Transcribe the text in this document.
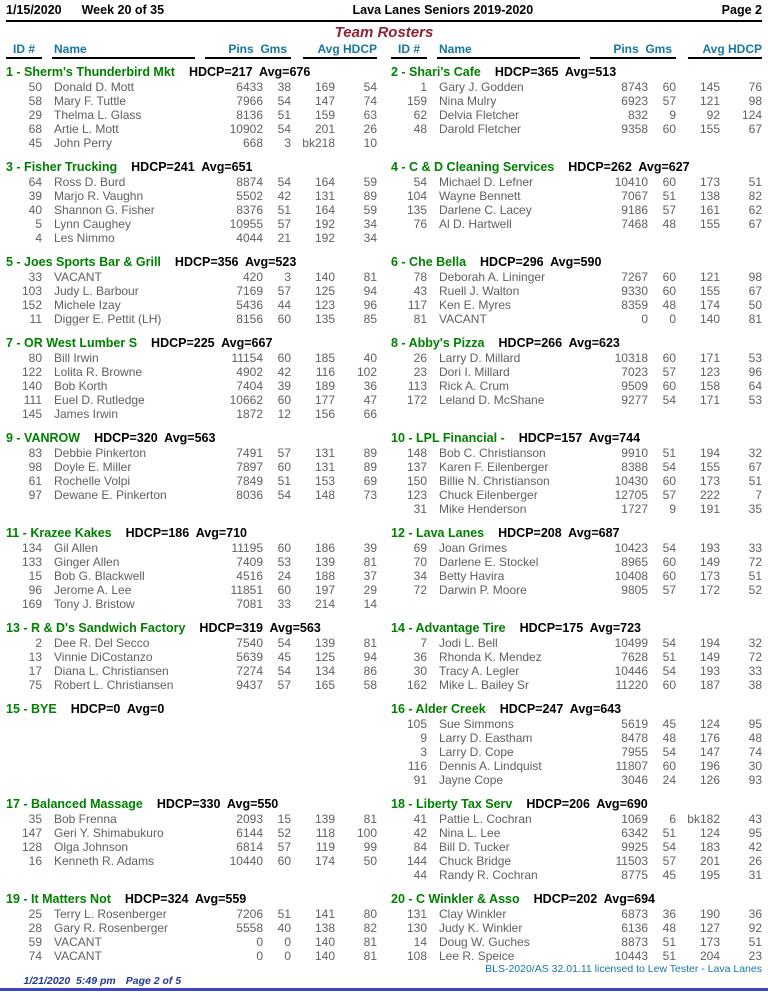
1/15/2020 Week 20 of 35	Lava Lanes Seniors 2019-2020	Page 2
Team Rosters
ID #	Name	Pins  Gms	Avg HDCP	ID #	Name	Pins  Gms	Avg HDCP
1 - Sherm's Thunderbird Mkt HDCP=217  Avg=676
50 Donald D. Mott	6433	38	169	54
58 Mary F. Tuttle	7966	54	147	74
29 Thelma L. Glass	8136	51	159	63
68 Artie L. Mott	10902	54	201	26
45 John Perry	668	3 bk218	10
2 - Shari's Cafe HDCP=365  Avg=513
1 Gary J. Godden	8743	60	145	76
159 Nina Mulry	6923	57	121	98
62 Delvia Fletcher	832	9	92	124
48 Darold Fletcher	9358	60	155	67
3 - Fisher Trucking HDCP=241  Avg=651
64 Ross D. Burd	8874	54	164	59
39 Marjo R. Vaughn	5502	42	131	89
40 Shannon G. Fisher	8376	51	164	59
5 Lynn Caughey	10955	57	192	34
4 Les Nimmo	4044	21	192	34
4 - C & D Cleaning Services HDCP=262  Avg=627
54 Michael D. Lefner	10410	60	173	51
104 Wayne Bennett	7067	51	138	82
135 Darlene C. Lacey	9186	57	161	62
76 Al D. Hartwell	7468	48	155	67
5 - Joes Sports Bar & Grill HDCP=356  Avg=523
33 VACANT	420	3	140	81
103 Judy L. Barbour	7169	57	125	94
152 Michele Izay	5436	44	123	96
11 Digger E. Pettit (LH)	8156	60	135	85
6 - Che Bella HDCP=296  Avg=590
78 Deborah A. Lininger	7267	60	121	98
43 Ruell J. Walton	9330	60	155	67
117 Ken E. Myres	8359	48	174	50
81 VACANT	0	0	140	81
7 - OR West Lumber S HDCP=225  Avg=667
80 Bill Irwin	11154	60	185	40
122 Lolita R. Browne	4902	42	116	102
140 Bob Korth	7404	39	189	36
111 Euel D. Rutledge	10662	60	177	47
145 James Irwin	1872	12	156	66
8 - Abby's Pizza HDCP=266  Avg=623
26 Larry D. Millard	10318	60	171	53
23 Dori I. Millard	7023	57	123	96
113 Rick A. Crum	9509	60	158	64
172 Leland D. McShane	9277	54	171	53
9 - VANROW HDCP=320  Avg=563
83 Debbie Pinkerton	7491	57	131	89
98 Doyle E. Miller	7897	60	131	89
61 Rochelle Volpi	7849	51	153	69
97 Dewane E. Pinkerton	8036	54	148	73
10 - LPL Financial - HDCP=157  Avg=744
148 Bob C. Christianson	9910	51	194	32
137 Karen F. Eilenberger	8388	54	155	67
150 Billie N. Christianson	10430	60	173	51
123 Chuck Eilenberger	12705	57	222	7
31 Mike Henderson	1727	9	191	35
11 - Krazee Kakes HDCP=186  Avg=710
134 Gil Allen	11195	60	186	39
133 Ginger Allen	7409	53	139	81
15 Bob G. Blackwell	4516	24	188	37
96 Jerome A. Lee	11851	60	197	29
169 Tony J. Bristow	7081	33	214	14
12 - Lava Lanes HDCP=208  Avg=687
69 Joan Grimes	10423	54	193	33
70 Darlene E. Stockel	8965	60	149	72
34 Betty Havira	10408	60	173	51
72 Darwin P. Moore	9805	57	172	52
13 - R & D's Sandwich Factory HDCP=319  Avg=563
2 Dee R. Del Secco	7540	54	139	81
13 Vinnie DiCostanzo	5639	45	125	94
17 Diana L. Christiansen	7274	54	134	86
75 Robert L. Christiansen	9437	57	165	58
14 - Advantage Tire HDCP=175  Avg=723
7 Jodi L. Bell	10499	54	194	32
36 Rhonda K. Mendez	7628	51	149	72
30 Tracy A. Legler	10446	54	193	33
162 Mike L. Bailey Sr	11220	60	187	38
15 - BYE HDCP=0  Avg=0	16 - Alder Creek HDCP=247  Avg=643
105 Sue Simmons	5619	45	124	95
9 Larry D. Eastham	8478	48	176	48
3 Larry D. Cope	7955	54	147	74
116 Dennis A. Lindquist	11807	60	196	30
91 Jayne Cope	3046	24	126	93
17 - Balanced Massage HDCP=330  Avg=550
35 Bob Frenna	2093	15	139	81
147 Geri Y. Shimabukuro	6144	52	118	100
128 Olga Johnson	6814	57	119	99
16 Kenneth R. Adams	10440	60	174	50
18 - Liberty Tax Serv HDCP=206  Avg=690
41 Pattie L. Cochran	1069	6 bk182	43
42 Nina L. Lee	6342	51	124	95
84 Bill D. Tucker	9925	54	183	42
144 Chuck Bridge	11503	57	201	26
44 Randy R. Cochran	8775	45	195	31
19 - It Matters Not HDCP=324  Avg=559
25 Terry L. Rosenberger	7206	51	141	80
28 Gary R. Rosenberger	5558	40	138	82
59 VACANT	0	0	140	81
74 VACANT	0	0	140	81
20 - C Winkler & Asso HDCP=202  Avg=694
131 Clay Winkler	6873	36	190	36
130 Judy K. Winkler	6136	48	127	92
14 Doug W. Guches	8873	51	173	51
108 Lee R. Speice	10443	51	204	23

1/21/2020  5:49 pm Page 2 of 5

BLS-2020/AS 32.01.11 licensed to Lew Tester - Lava Lanes
